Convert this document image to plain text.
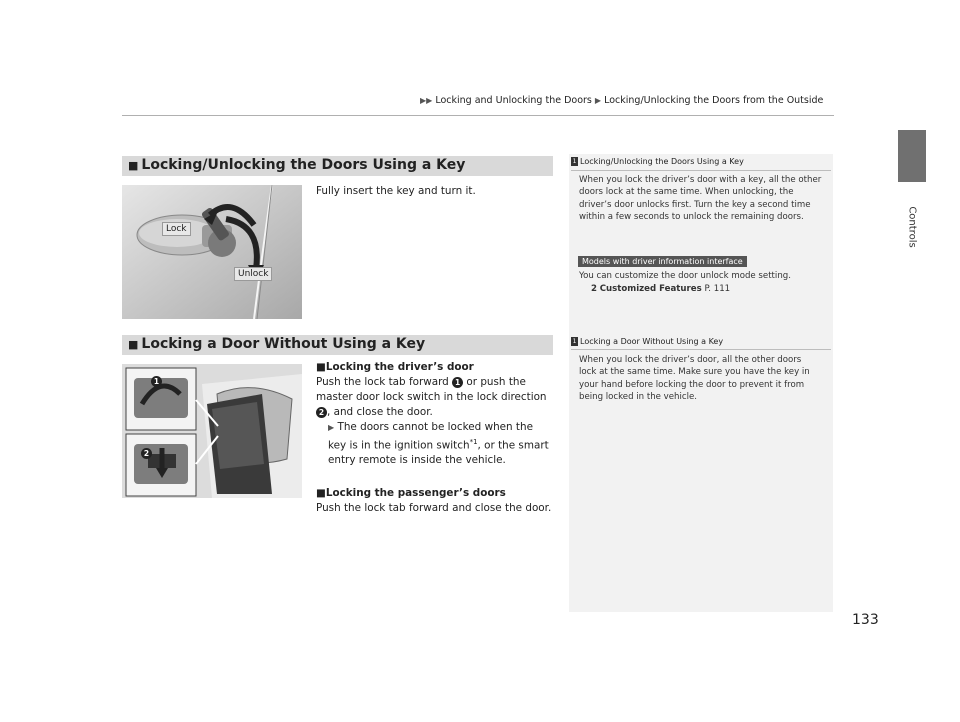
▶▶ Locking and Unlocking the Doors ▶ Locking/Unlocking the Doors from the Outside
Controls
■ Locking/Unlocking the Doors Using a Key
Lock
Unlock
Fully insert the key and turn it.
1 Locking/Unlocking the Doors Using a Key
When you lock the driver’s door with a key, all the other doors lock at the same time. When unlocking, the driver’s door unlocks first. Turn the key a second time within a few seconds to unlock the remaining doors.
Models with driver information interface
You can customize the door unlock mode setting.
2 Customized Features P. 111
■ Locking a Door Without Using a Key
1
2
■Locking the driver’s door
Push the lock tab forward 1 or push the master door lock switch in the lock direction
2 , and close the door.
▶ The doors cannot be locked when the key is in the ignition switch$^{*1}$, or the smart entry remote is inside the vehicle.
■Locking the passenger’s doors
Push the lock tab forward and close the door.
1 Locking a Door Without Using a Key
When you lock the driver’s door, all the other doors lock at the same time. Make sure you have the key in your hand before locking the door to prevent it from being locked in the vehicle.
133
